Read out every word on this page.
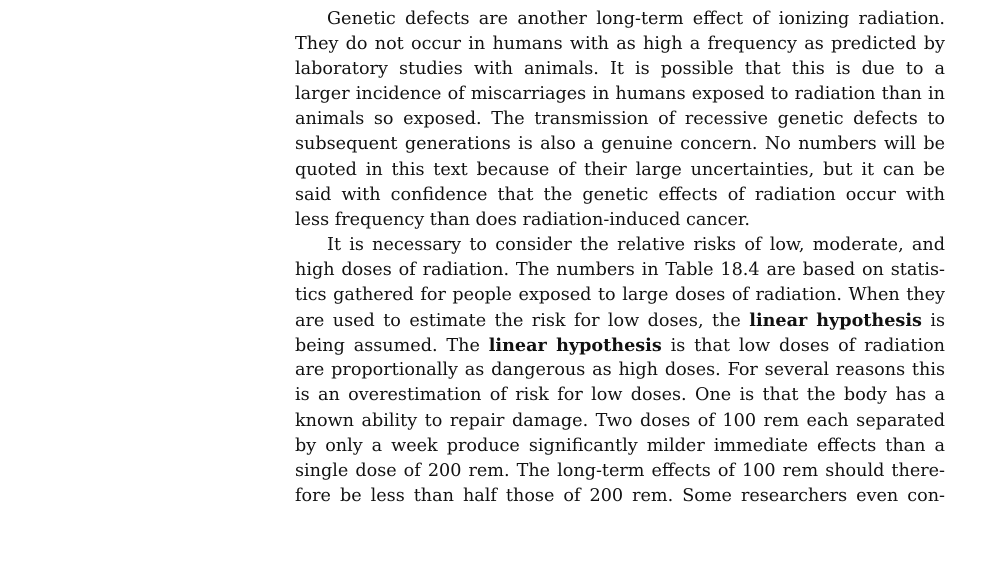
Genetic defects are another long-term effect of ionizing radiation.
They do not occur in humans with as high a frequency as predicted by
laboratory studies with animals. It is possible that this is due to a
larger incidence of miscarriages in humans exposed to radiation than in
animals so exposed. The transmission of recessive genetic defects to
subsequent generations is also a genuine concern. No numbers will be
quoted in this text because of their large uncertainties, but it can be
said with confidence that the genetic effects of radiation occur with
less frequency than does radiation-induced cancer.
It is necessary to consider the relative risks of low, moderate, and
high doses of radiation. The numbers in Table 18.4 are based on statis-
tics gathered for people exposed to large doses of radiation. When they
are used to estimate the risk for low doses, the linear hypothesis is
being assumed. The linear hypothesis is that low doses of radiation
are proportionally as dangerous as high doses. For several reasons this
is an overestimation of risk for low doses. One is that the body has a
known ability to repair damage. Two doses of 100 rem each separated
by only a week produce significantly milder immediate effects than a
single dose of 200 rem. The long-term effects of 100 rem should there-
fore be less than half those of 200 rem. Some researchers even con-
